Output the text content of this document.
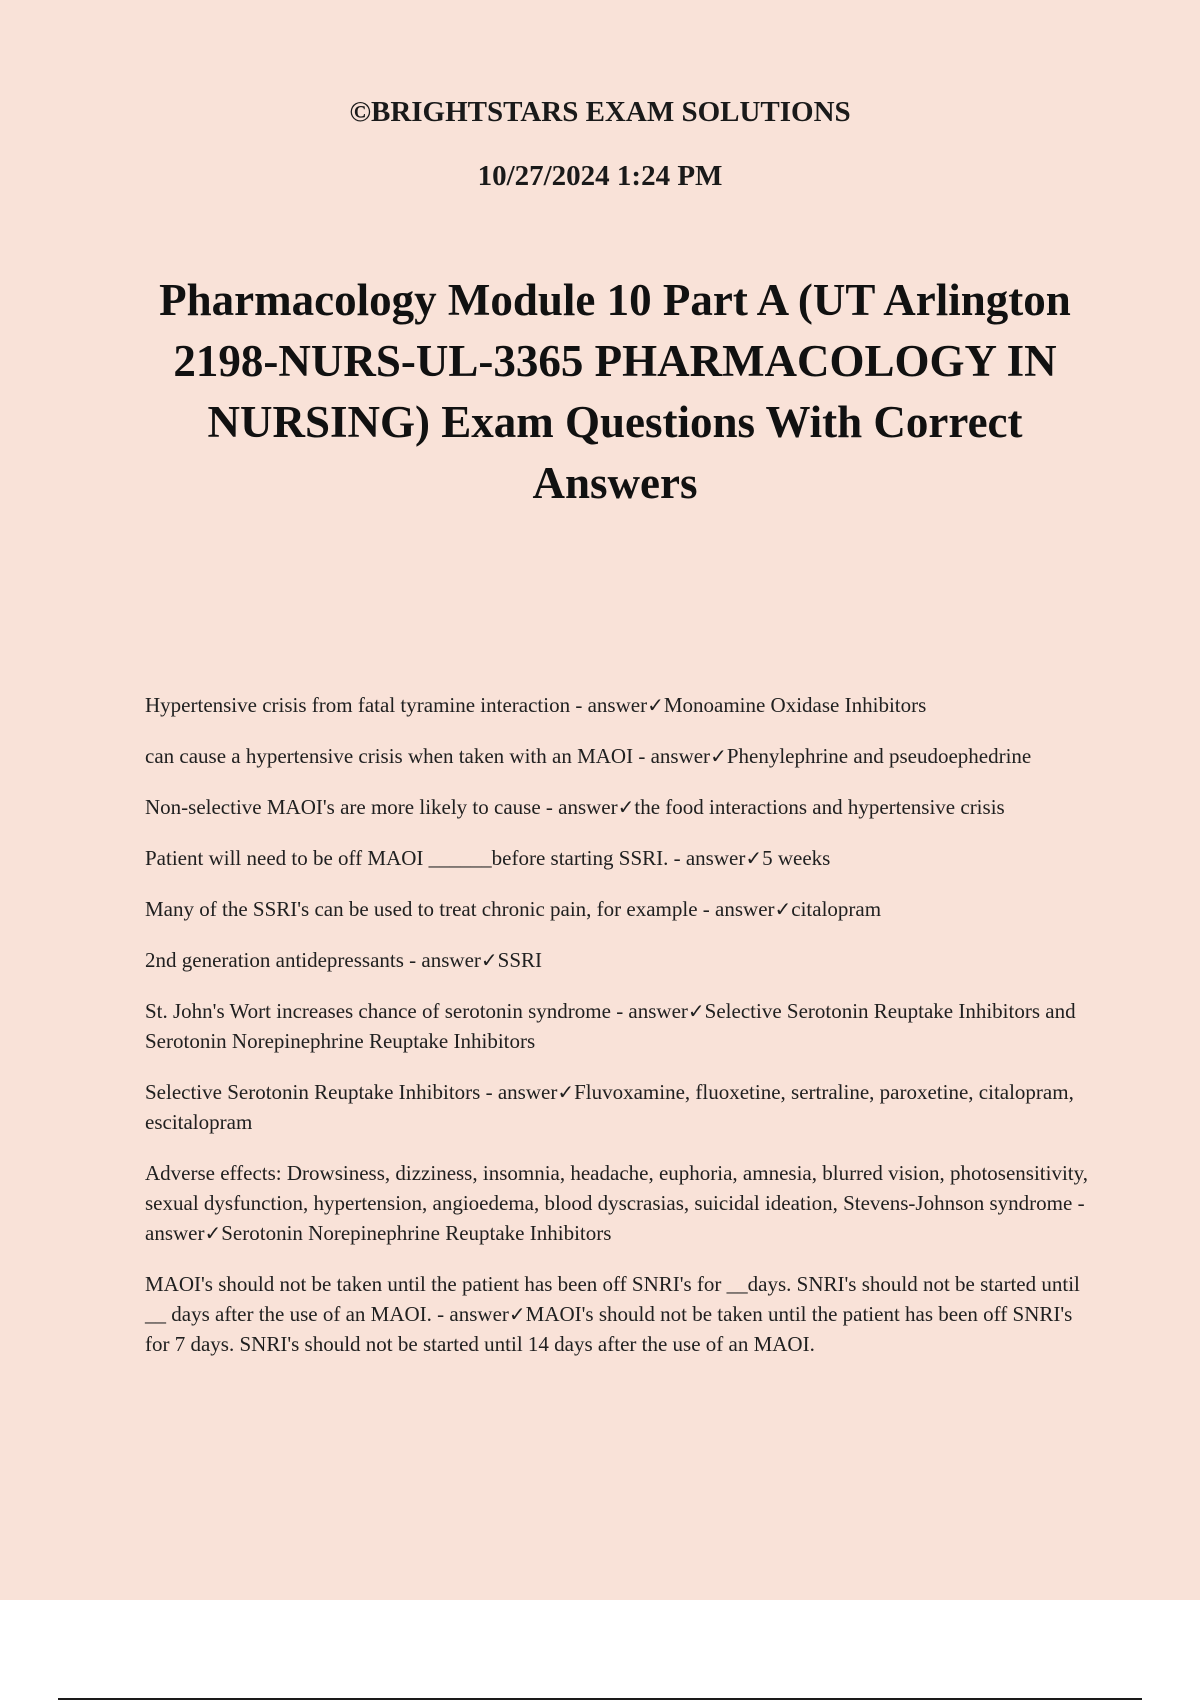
©BRIGHTSTARS EXAM SOLUTIONS

10/27/2024 1:24 PM

Pharmacology Module 10 Part A (UT Arlington 2198-NURS-UL-3365 PHARMACOLOGY IN NURSING) Exam Questions With Correct Answers
Hypertensive crisis from fatal tyramine interaction - answer✓Monoamine Oxidase Inhibitors
can cause a hypertensive crisis when taken with an MAOI - answer✓Phenylephrine and pseudoephedrine
Non-selective MAOI's are more likely to cause - answer✓the food interactions and hypertensive crisis
Patient will need to be off MAOI ______before starting SSRI. - answer✓5 weeks
Many of the SSRI's can be used to treat chronic pain, for example - answer✓citalopram
2nd generation antidepressants - answer✓SSRI
St. John's Wort increases chance of serotonin syndrome - answer✓Selective Serotonin Reuptake Inhibitors and Serotonin Norepinephrine Reuptake Inhibitors
Selective Serotonin Reuptake Inhibitors - answer✓Fluvoxamine, fluoxetine, sertraline, paroxetine, citalopram, escitalopram
Adverse effects: Drowsiness, dizziness, insomnia, headache, euphoria, amnesia, blurred vision, photosensitivity, sexual dysfunction, hypertension, angioedema, blood dyscrasias, suicidal ideation, Stevens-Johnson syndrome - answer✓Serotonin Norepinephrine Reuptake Inhibitors
MAOI's should not be taken until the patient has been off SNRI's for __days. SNRI's should not be started until __ days after the use of an MAOI. - answer✓MAOI's should not be taken until the patient has been off SNRI's for 7 days. SNRI's should not be started until 14 days after the use of an MAOI.
